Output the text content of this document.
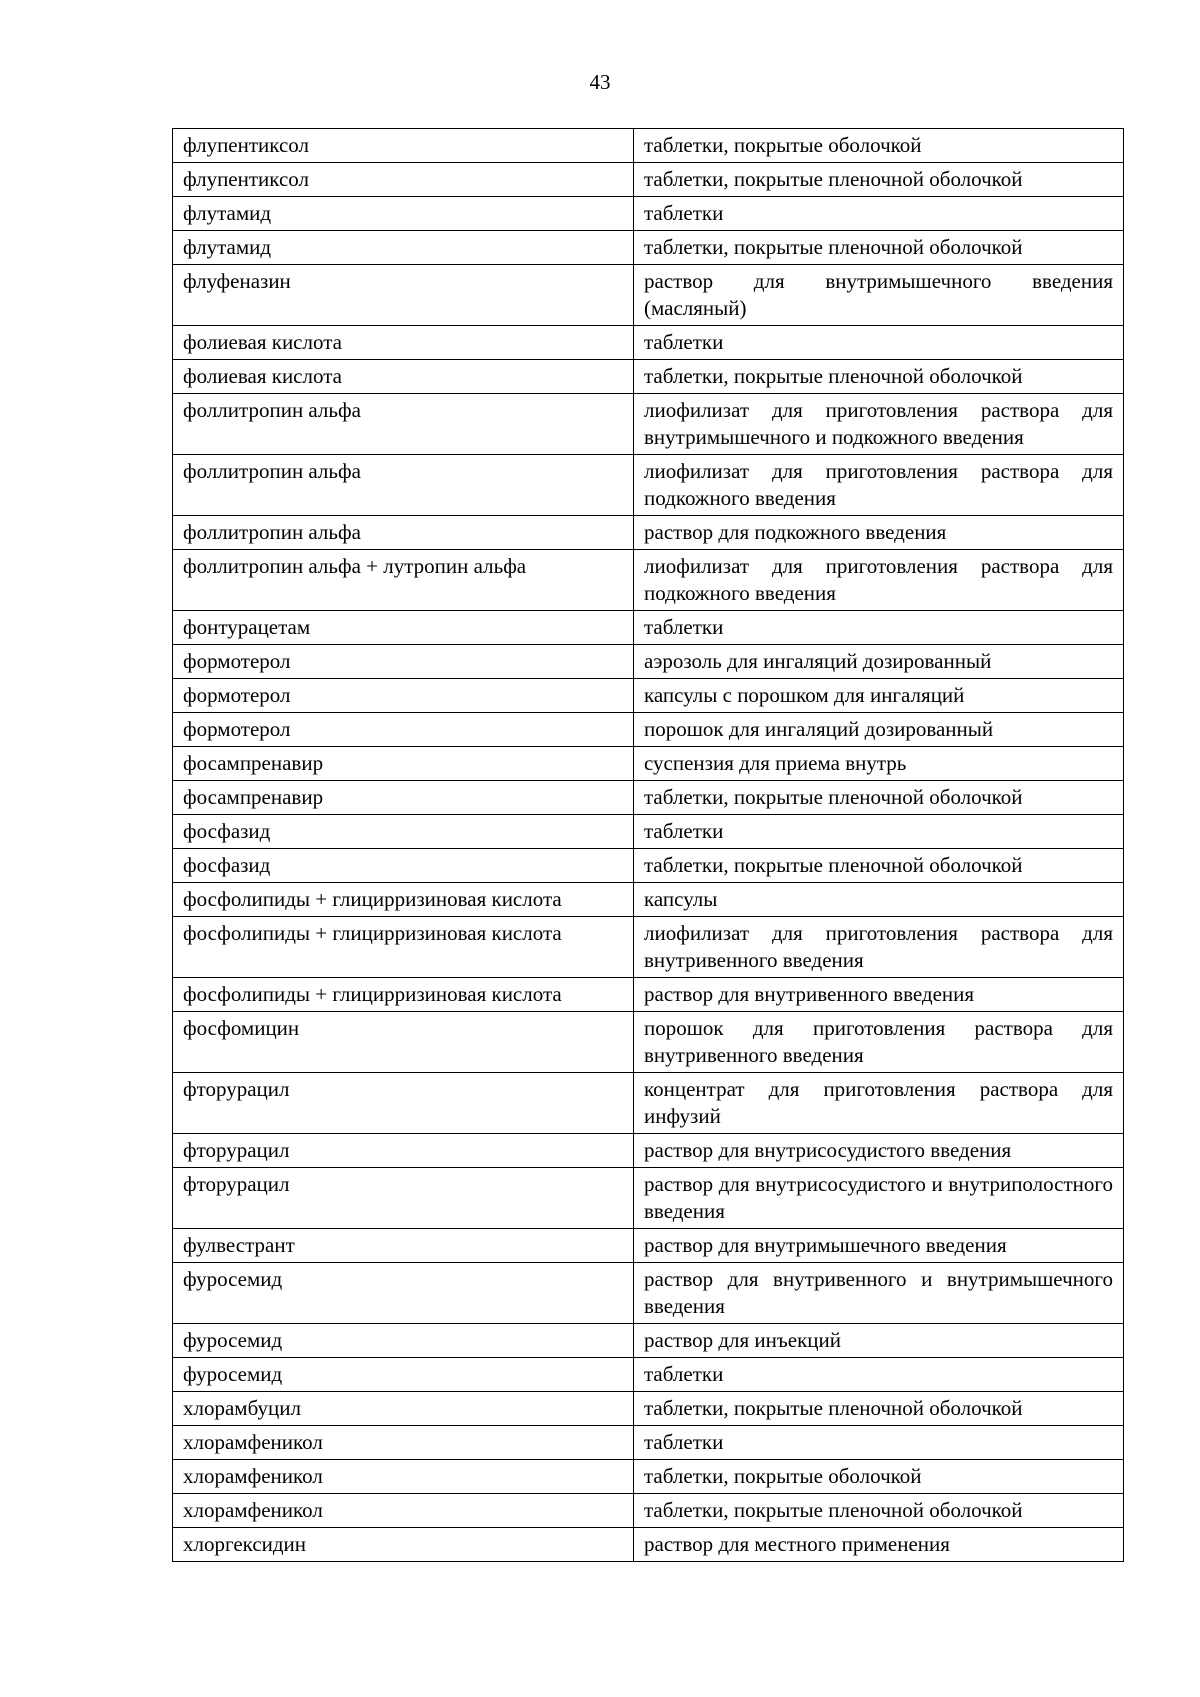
43
флупентиксол	таблетки, покрытые оболочкой
флупентиксол	таблетки, покрытые пленочной оболочкой
флутамид	таблетки
флутамид	таблетки, покрытые пленочной оболочкой
флуфеназин	раствор для внутримышечного введения (масляный)
фолиевая кислота	таблетки
фолиевая кислота	таблетки, покрытые пленочной оболочкой
фоллитропин альфа	лиофилизат для приготовления раствора для внутримышечного и подкожного введения
фоллитропин альфа	лиофилизат для приготовления раствора для подкожного введения
фоллитропин альфа	раствор для подкожного введения
фоллитропин альфа + лутропин альфа	лиофилизат для приготовления раствора для подкожного введения
фонтурацетам	таблетки
формотерол	аэрозоль для ингаляций дозированный
формотерол	капсулы с порошком для ингаляций
формотерол	порошок для ингаляций дозированный
фосампренавир	суспензия для приема внутрь
фосампренавир	таблетки, покрытые пленочной оболочкой
фосфазид	таблетки
фосфазид	таблетки, покрытые пленочной оболочкой
фосфолипиды + глицирризиновая кислота	капсулы
фосфолипиды + глицирризиновая кислота	лиофилизат для приготовления раствора для внутривенного введения
фосфолипиды + глицирризиновая кислота	раствор для внутривенного введения
фосфомицин	порошок для приготовления раствора для внутривенного введения
фторурацил	концентрат для приготовления раствора для инфузий
фторурацил	раствор для внутрисосудистого введения
фторурацил	раствор для внутрисосудистого и внутриполостного введения
фулвестрант	раствор для внутримышечного введения
фуросемид	раствор для внутривенного и внутримышечного введения
фуросемид	раствор для инъекций
фуросемид	таблетки
хлорамбуцил	таблетки, покрытые пленочной оболочкой
хлорамфеникол	таблетки
хлорамфеникол	таблетки, покрытые оболочкой
хлорамфеникол	таблетки, покрытые пленочной оболочкой
хлоргексидин	раствор для местного применения
